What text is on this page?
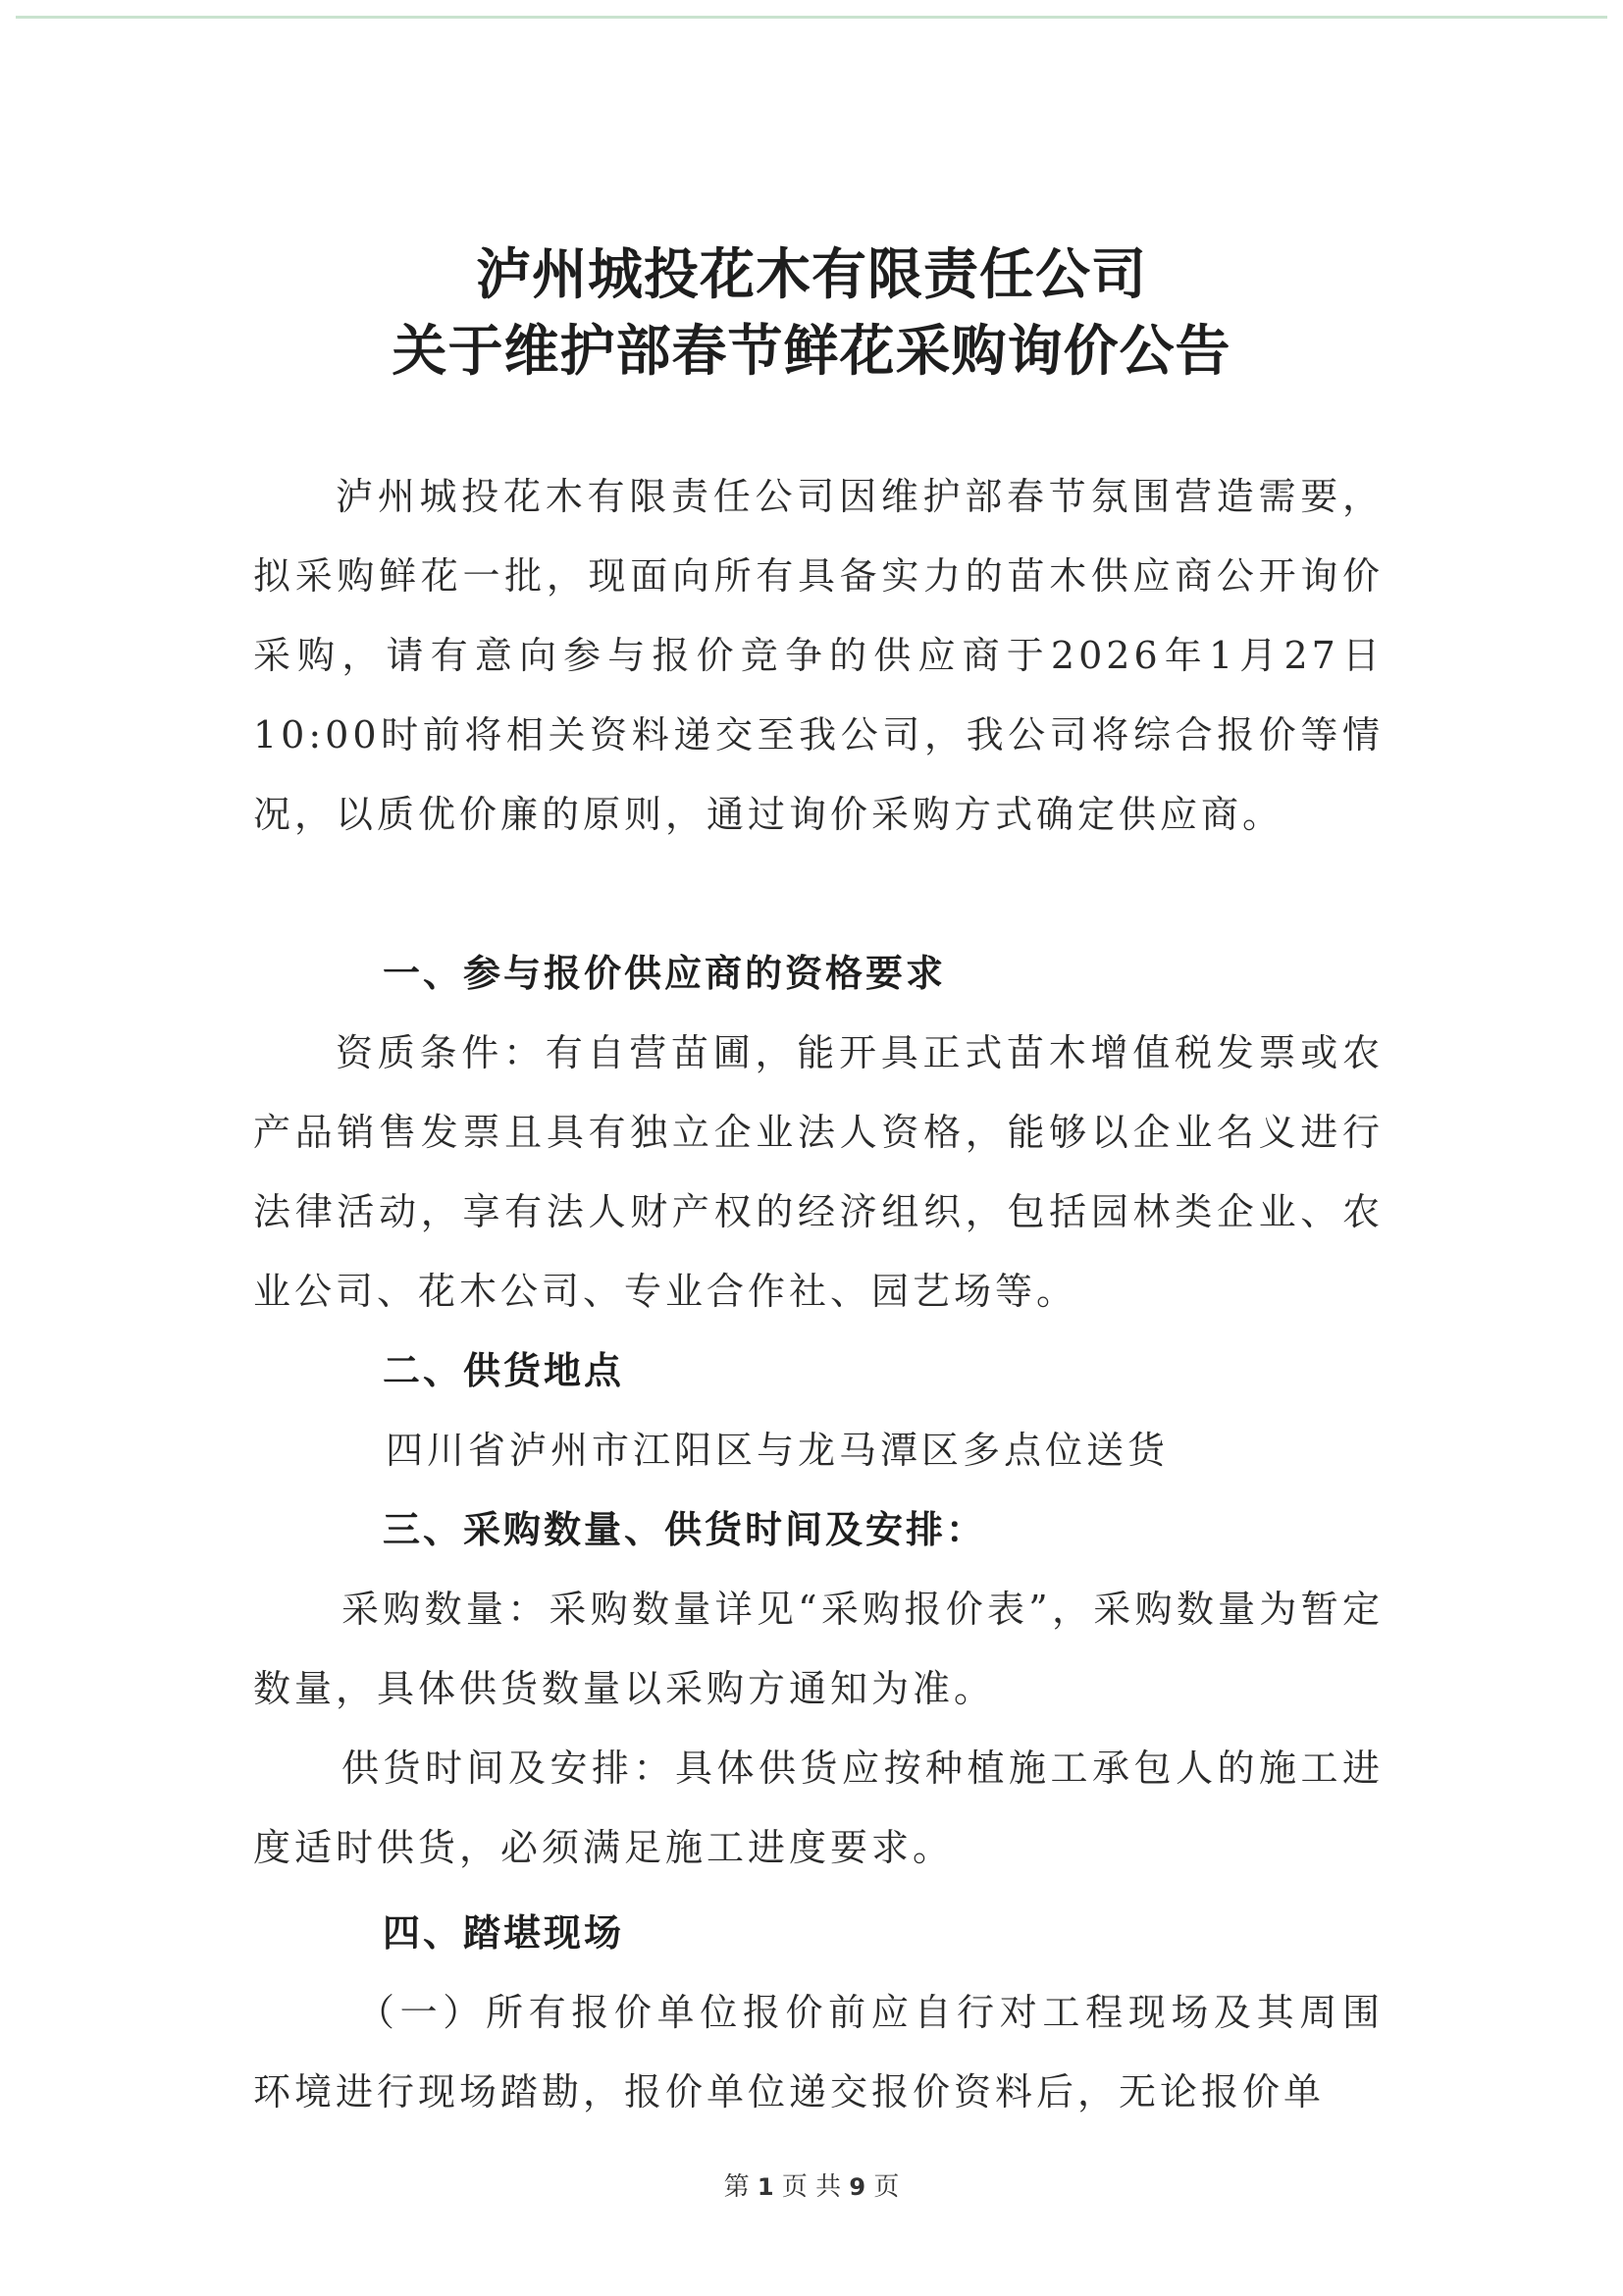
泸州城投花木有限责任公司
关于维护部春节鲜花采购询价公告
泸州城投花木有限责任公司因维护部春节氛围营造需要，拟采购鲜花一批，现面向所有具备实力的苗木供应商公开询价采购，请有意向参与报价竞争的供应商于2026年1月27日10:00时前将相关资料递交至我公司，我公司将综合报价等情况，以质优价廉的原则，通过询价采购方式确定供应商。
一、参与报价供应商的资格要求
资质条件：有自营苗圃，能开具正式苗木增值税发票或农产品销售发票且具有独立企业法人资格，能够以企业名义进行法律活动，享有法人财产权的经济组织，包括园林类企业、农业公司、花木公司、专业合作社、园艺场等。
二、供货地点
四川省泸州市江阳区与龙马潭区多点位送货
三、采购数量、供货时间及安排：
采购数量：采购数量详见“采购报价表”，采购数量为暂定数量，具体供货数量以采购方通知为准。
供货时间及安排：具体供货应按种植施工承包人的施工进度适时供货，必须满足施工进度要求。
四、踏堪现场
（一）所有报价单位报价前应自行对工程现场及其周围环境进行现场踏勘，报价单位递交报价资料后，无论报价单
第 1 页 共 9 页
